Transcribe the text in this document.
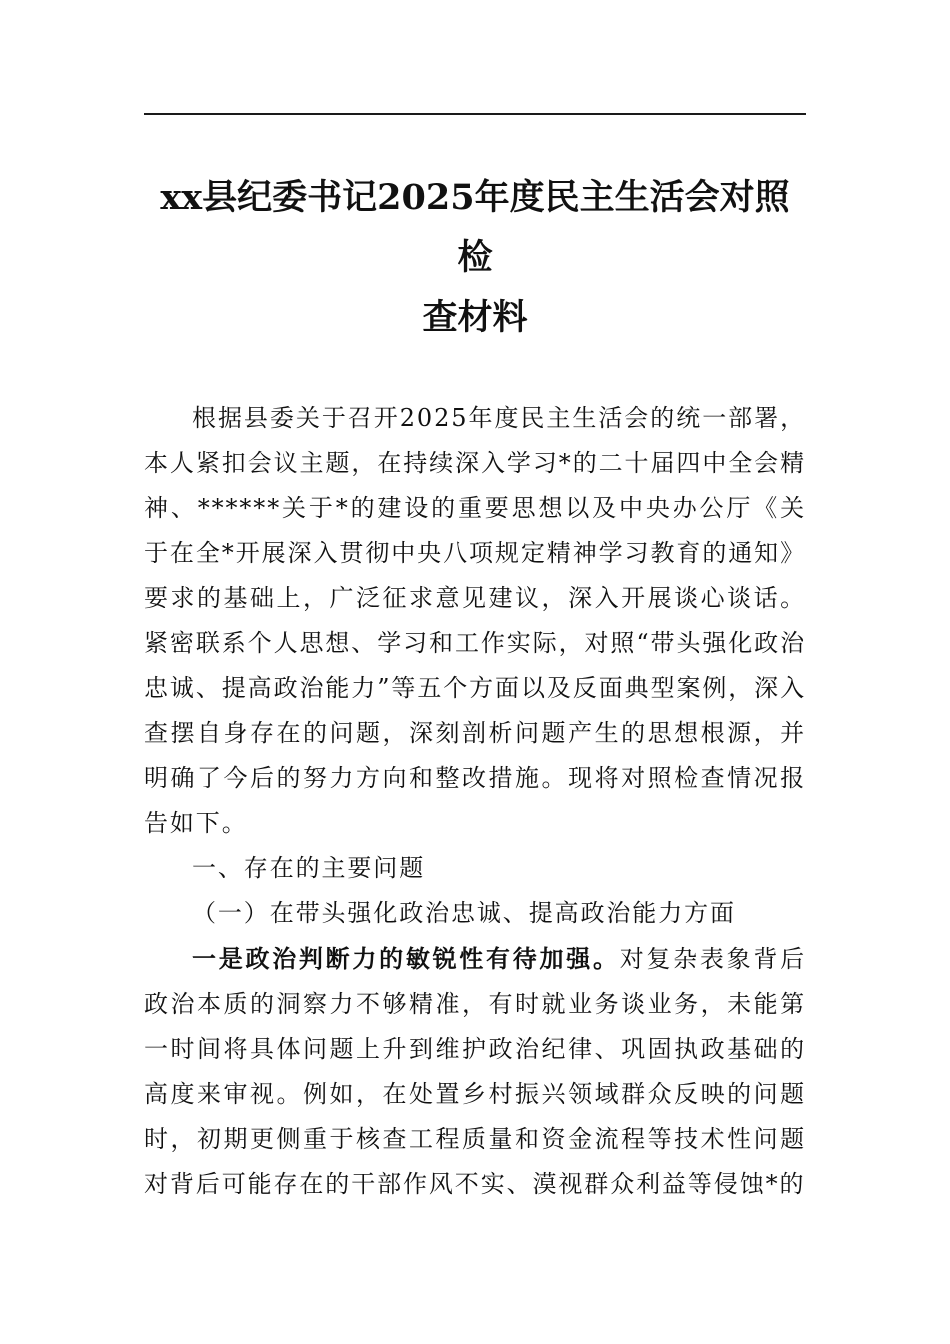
xx县纪委书记2025年度民主生活会对照检
查材料

根据县委关于召开2025年度民主生活会的统一部署，本人紧扣会议主题，在持续深入学习*的二十届四中全会精神、******关于*的建设的重要思想以及中央办公厅《关于在全*开展深入贯彻中央八项规定精神学习教育的通知》要求的基础上，广泛征求意见建议，深入开展谈心谈话。紧密联系个人思想、学习和工作实际，对照“带头强化政治忠诚、提高政治能力”等五个方面以及反面典型案例，深入查摆自身存在的问题，深刻剖析问题产生的思想根源，并明确了今后的努力方向和整改措施。现将对照检查情况报告如下。

一、存在的主要问题

（一）在带头强化政治忠诚、提高政治能力方面

一是政治判断力的敏锐性有待加强。对复杂表象背后政治本质的洞察力不够精准，有时就业务谈业务，未能第一时间将具体问题上升到维护政治纪律、巩固执政基础的高度来审视。例如，在处置乡村振兴领域群众反映的问题时，初期更侧重于核查工程质量和资金流程等技术性问题对背后可能存在的干部作风不实、漠视群众利益等侵蚀*的
